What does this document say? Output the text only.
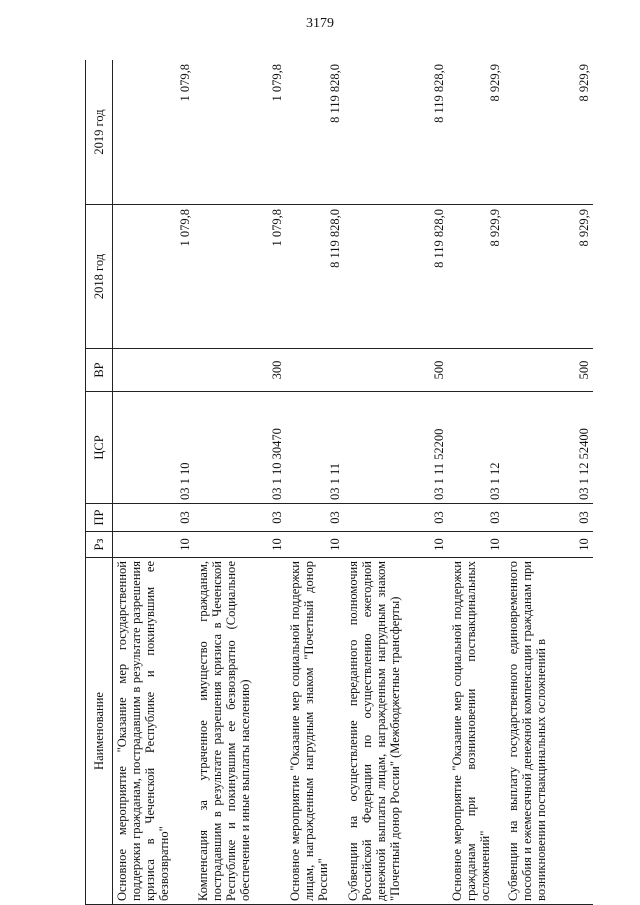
3179
Наименование	Рз	ПР	ЦСР	ВР	2018 год	2019 год
Основное мероприятие "Оказание мер государственной поддержки гражданам, пострадавшим в результате разрешения кризиса в Чеченской Республике и покинувшим ее безвозвратно"	10	03	03 1 10		1 079,8	1 079,8
Компенсация за утраченное имущество гражданам, пострадавшим в результате разрешения кризиса в Чеченской Республике и покинувшим ее безвозвратно (Социальное обеспечение и иные выплаты населению)	10	03	03 1 10 30470	300	1 079,8	1 079,8
Основное мероприятие "Оказание мер социальной поддержки лицам, награжденным нагрудным знаком "Почетный донор России"	10	03	03 1 11		8 119 828,0	8 119 828,0
Субвенции на осуществление переданного полномочия Российской Федерации по осуществлению ежегодной денежной выплаты лицам, награжденным нагрудным знаком "Почетный донор России" (Межбюджетные трансферты)	10	03	03 1 11 52200	500	8 119 828,0	8 119 828,0
Основное мероприятие "Оказание мер социальной поддержки гражданам при возникновении поствакцинальных осложнений"	10	03	03 1 12		8 929,9	8 929,9
Субвенции на выплату государственного единовременного пособия и ежемесячной денежной компенсации гражданам при возникновении поствакцинальных осложнений в	10	03	03 1 12 52400	500	8 929,9	8 929,9
